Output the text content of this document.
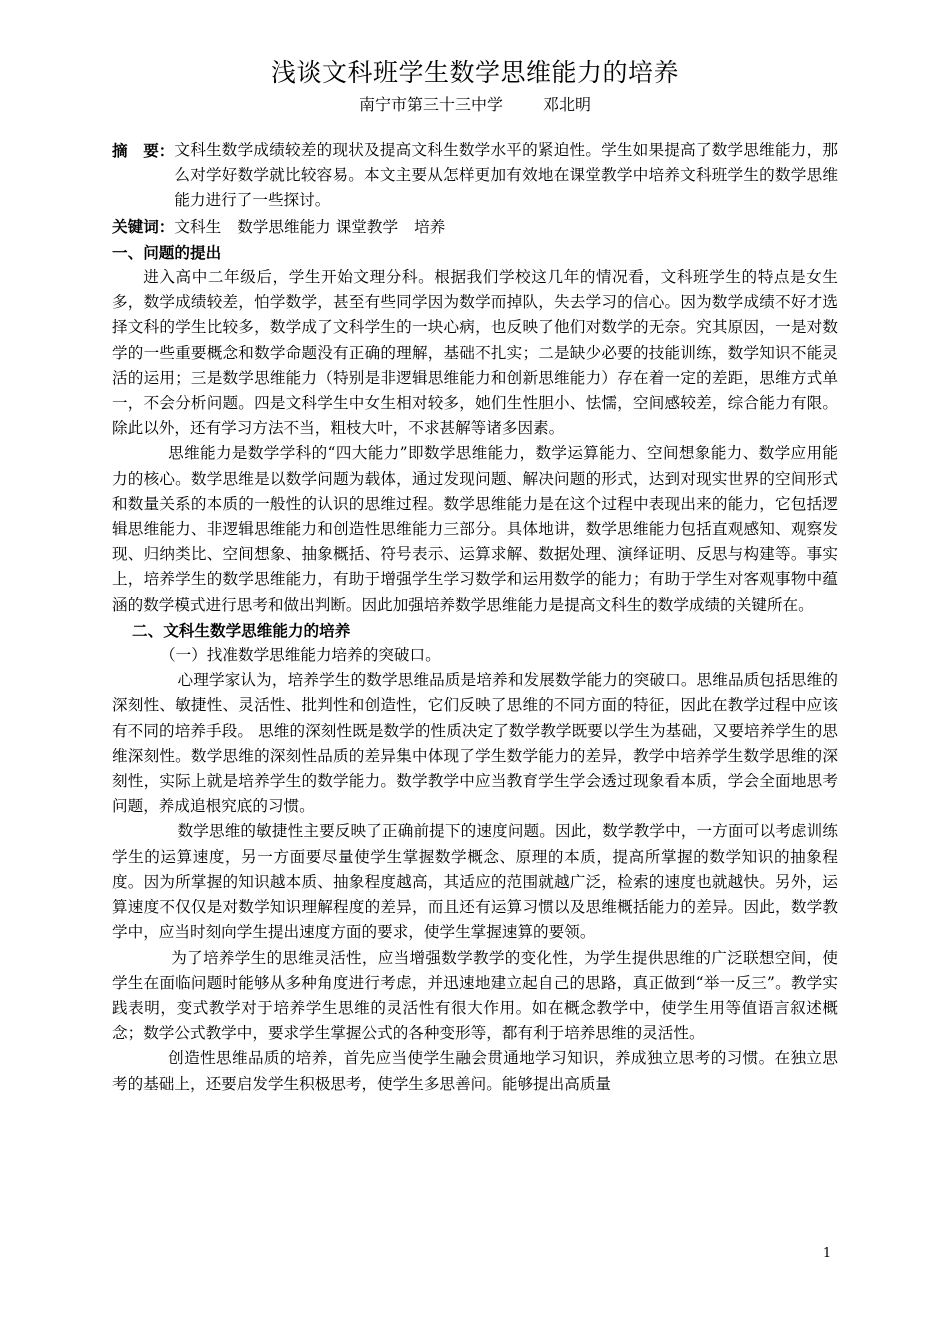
浅谈文科班学生数学思维能力的培养
南宁市第三十三中学	邓北明

摘　要： 文科生数学成绩较差的现状及提高文科生数学水平的紧迫性。学生如果提高了数学思维能力，那么对学好数学就比较容易。本文主要从怎样更加有效地在课堂教学中培养文科班学生的数学思维能力进行了一些探讨。

关键词：文科生 数学思维能力 课堂教学 培养

一、问题的提出

进入高中二年级后，学生开始文理分科。根据我们学校这几年的情况看，文科班学生的特点是女生多，数学成绩较差，怕学数学，甚至有些同学因为数学而掉队，失去学习的信心。因为数学成绩不好才选择文科的学生比较多，数学成了文科学生的一块心病，也反映了他们对数学的无奈。究其原因，一是对数学的一些重要概念和数学命题没有正确的理解，基础不扎实；二是缺少必要的技能训练，数学知识不能灵活的运用；三是数学思维能力（特别是非逻辑思维能力和创新思维能力）存在着一定的差距，思维方式单一，不会分析问题。四是文科学生中女生相对较多，她们生性胆小、怯懦，空间感较差，综合能力有限。除此以外，还有学习方法不当，粗枝大叶，不求甚解等诸多因素。

思维能力是数学学科的“四大能力”即数学思维能力，数学运算能力、空间想象能力、数学应用能力的核心。数学思维是以数学问题为载体，通过发现问题、解决问题的形式，达到对现实世界的空间形式和数量关系的本质的一般性的认识的思维过程。数学思维能力是在这个过程中表现出来的能力，它包括逻辑思维能力、非逻辑思维能力和创造性思维能力三部分。具体地讲，数学思维能力包括直观感知、观察发现、归纳类比、空间想象、抽象概括、符号表示、运算求解、数据处理、演绎证明、反思与构建等。事实上，培养学生的数学思维能力，有助于增强学生学习数学和运用数学的能力；有助于学生对客观事物中蕴涵的数学模式进行思考和做出判断。因此加强培养数学思维能力是提高文科生的数学成绩的关键所在。

二、文科生数学思维能力的培养

（一）找准数学思维能力培养的突破口。

心理学家认为，培养学生的数学思维品质是培养和发展数学能力的突破口。思维品质包括思维的深刻性、敏捷性、灵活性、批判性和创造性，它们反映了思维的不同方面的特征，因此在教学过程中应该有不同的培养手段。 思维的深刻性既是数学的性质决定了数学教学既要以学生为基础，又要培养学生的思维深刻性。数学思维的深刻性品质的差异集中体现了学生数学能力的差异，教学中培养学生数学思维的深刻性，实际上就是培养学生的数学能力。数学教学中应当教育学生学会透过现象看本质，学会全面地思考问题，养成追根究底的习惯。

数学思维的敏捷性主要反映了正确前提下的速度问题。因此，数学教学中，一方面可以考虑训练学生的运算速度，另一方面要尽量使学生掌握数学概念、原理的本质，提高所掌握的数学知识的抽象程度。因为所掌握的知识越本质、抽象程度越高，其适应的范围就越广泛，检索的速度也就越快。另外，运算速度不仅仅是对数学知识理解程度的差异，而且还有运算习惯以及思维概括能力的差异。因此，数学教学中，应当时刻向学生提出速度方面的要求，使学生掌握速算的要领。

为了培养学生的思维灵活性，应当增强数学教学的变化性，为学生提供思维的广泛联想空间，使学生在面临问题时能够从多种角度进行考虑，并迅速地建立起自己的思路，真正做到“举一反三”。教学实践表明，变式教学对于培养学生思维的灵活性有很大作用。如在概念教学中，使学生用等值语言叙述概念；数学公式教学中，要求学生掌握公式的各种变形等，都有利于培养思维的灵活性。

创造性思维品质的培养，首先应当使学生融会贯通地学习知识，养成独立思考的习惯。在独立思考的基础上，还要启发学生积极思考，使学生多思善问。能够提出高质量

1
